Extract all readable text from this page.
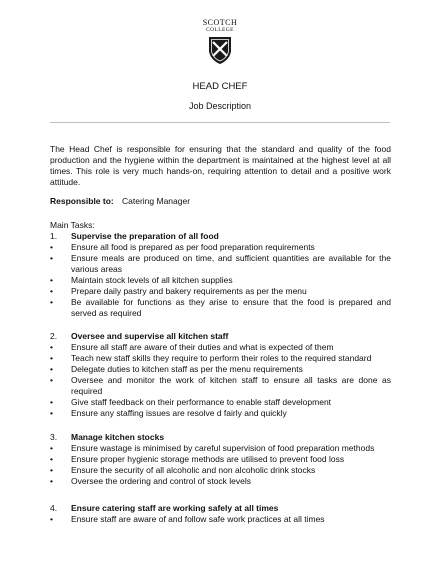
SCOTCH
COLLEGE
HEAD CHEF
Job Description
The Head Chef is responsible for ensuring that the standard and quality of the food production and the hygiene within the department is maintained at the highest level at all times. This role is very much hands-on, requiring attention to detail and a positive work attitude.
Responsible to: Catering Manager
Main Tasks:
1. Supervise the preparation of all food
• Ensure all food is prepared as per food preparation requirements
• Ensure meals are produced on time, and sufficient quantities are available for the various areas
• Maintain stock levels of all kitchen supplies
• Prepare daily pastry and bakery requirements as per the menu
• Be available for functions as they arise to ensure that the food is prepared and served as required
2. Oversee and supervise all kitchen staff
• Ensure all staff are aware of their duties and what is expected of them
• Teach new staff skills they require to perform their roles to the required standard
• Delegate duties to kitchen staff as per the menu requirements
• Oversee and monitor the work of kitchen staff to ensure all tasks are done as required
• Give staff feedback on their performance to enable staff development
• Ensure any staffing issues are resolve d fairly and quickly
3. Manage kitchen stocks
• Ensure wastage is minimised by careful supervision of food preparation methods
• Ensure proper hygienic storage methods are utilised to prevent food loss
• Ensure the security of all alcoholic and non alcoholic drink stocks
• Oversee the ordering and control of stock levels
4. Ensure catering staff are working safely at all times
• Ensure staff are aware of and follow safe work practices at all times
